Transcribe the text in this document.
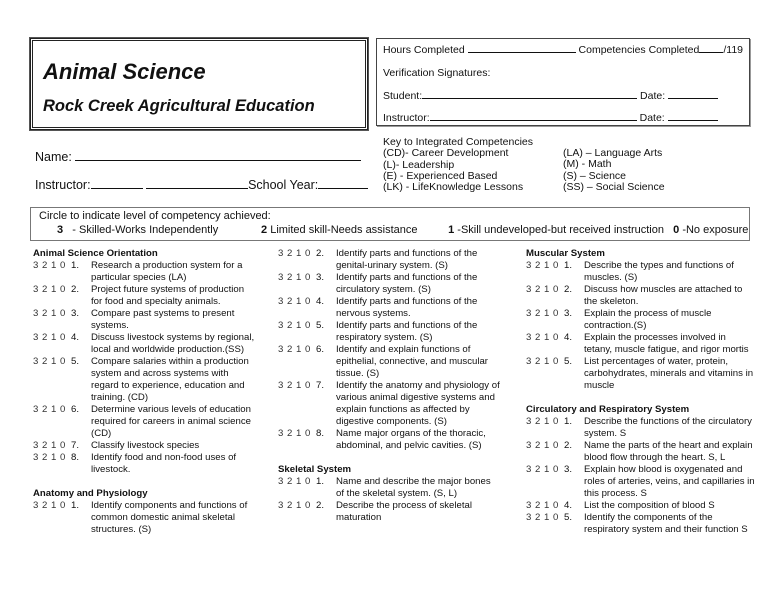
Animal Science
Rock Creek Agricultural Education
Hours Completed	Competencies Completed /119
Verification Signatures:
Student:	Date:
Instructor:	Date:
Name:
Instructor:	School Year:
Key to Integrated Competencies
(CD)- Career Development
(L)- Leadership
(E) - Experienced Based
(LK) - LifeKnowledge Lessons
(LA) – Language Arts
(M) - Math
(S) – Science
(SS) – Social Science
Circle to indicate level of competency achieved:
3 - Skilled-Works Independently	2 Limited skill-Needs assistance	1 -Skill undeveloped-but received instruction 0 -No exposure
Animal Science Orientation
3 2 1 0 1.	Research a production system for a particular species (LA)
3 2 1 0 2.	Project future systems of production for food and specialty animals.
3 2 1 0 3.	Compare past systems to present systems.
3 2 1 0 4.	Discuss livestock systems by regional, local and worldwide production.(SS)
3 2 1 0 5.	Compare salaries within a production system and across systems with regard to experience, education and training. (CD)
3 2 1 0 6.	Determine various levels of education required for careers in animal science (CD)
3 2 1 0 7.	Classify livestock species
3 2 1 0 8.	Identify food and non-food uses of livestock.
Anatomy and Physiology
3 2 1 0 1.	Identify components and functions of common domestic animal skeletal structures. (S)
3 2 1 0 2.	Identify parts and functions of the genital-urinary system. (S)
3 2 1 0 3.	Identify parts and functions of the circulatory system. (S)
3 2 1 0 4.	Identify parts and functions of the nervous systems.
3 2 1 0 5.	Identify parts and functions of the respiratory system. (S)
3 2 1 0 6.	Identify and explain functions of epithelial, connective, and muscular tissue. (S)
3 2 1 0 7.	Identify the anatomy and physiology of various animal digestive systems and explain functions as affected by digestive components. (S)
3 2 1 0 8.	Name major organs of the thoracic, abdominal, and pelvic cavities. (S)
Skeletal System
3 2 1 0 1.	Name and describe the major bones of the skeletal system. (S, L)
3 2 1 0 2.	Describe the process of skeletal maturation
Muscular System
3 2 1 0 1.	Describe the types and functions of muscles. (S)
3 2 1 0 2.	Discuss how muscles are attached to the skeleton.
3 2 1 0 3.	Explain the process of muscle contraction.(S)
3 2 1 0 4.	Explain the processes involved in tetany, muscle fatigue, and rigor mortis
3 2 1 0 5.	List percentages of water, protein, carbohydrates, minerals and vitamins in muscle
Circulatory and Respiratory System
3 2 1 0 1.	Describe the functions of the circulatory system. S
3 2 1 0 2.	Name the parts of the heart and explain blood flow through the heart. S, L
3 2 1 0 3.	Explain how blood is oxygenated and roles of arteries, veins, and capillaries in this process. S
3 2 1 0 4.	List the composition of blood S
3 2 1 0 5.	Identify the components of the respiratory system and their function S
